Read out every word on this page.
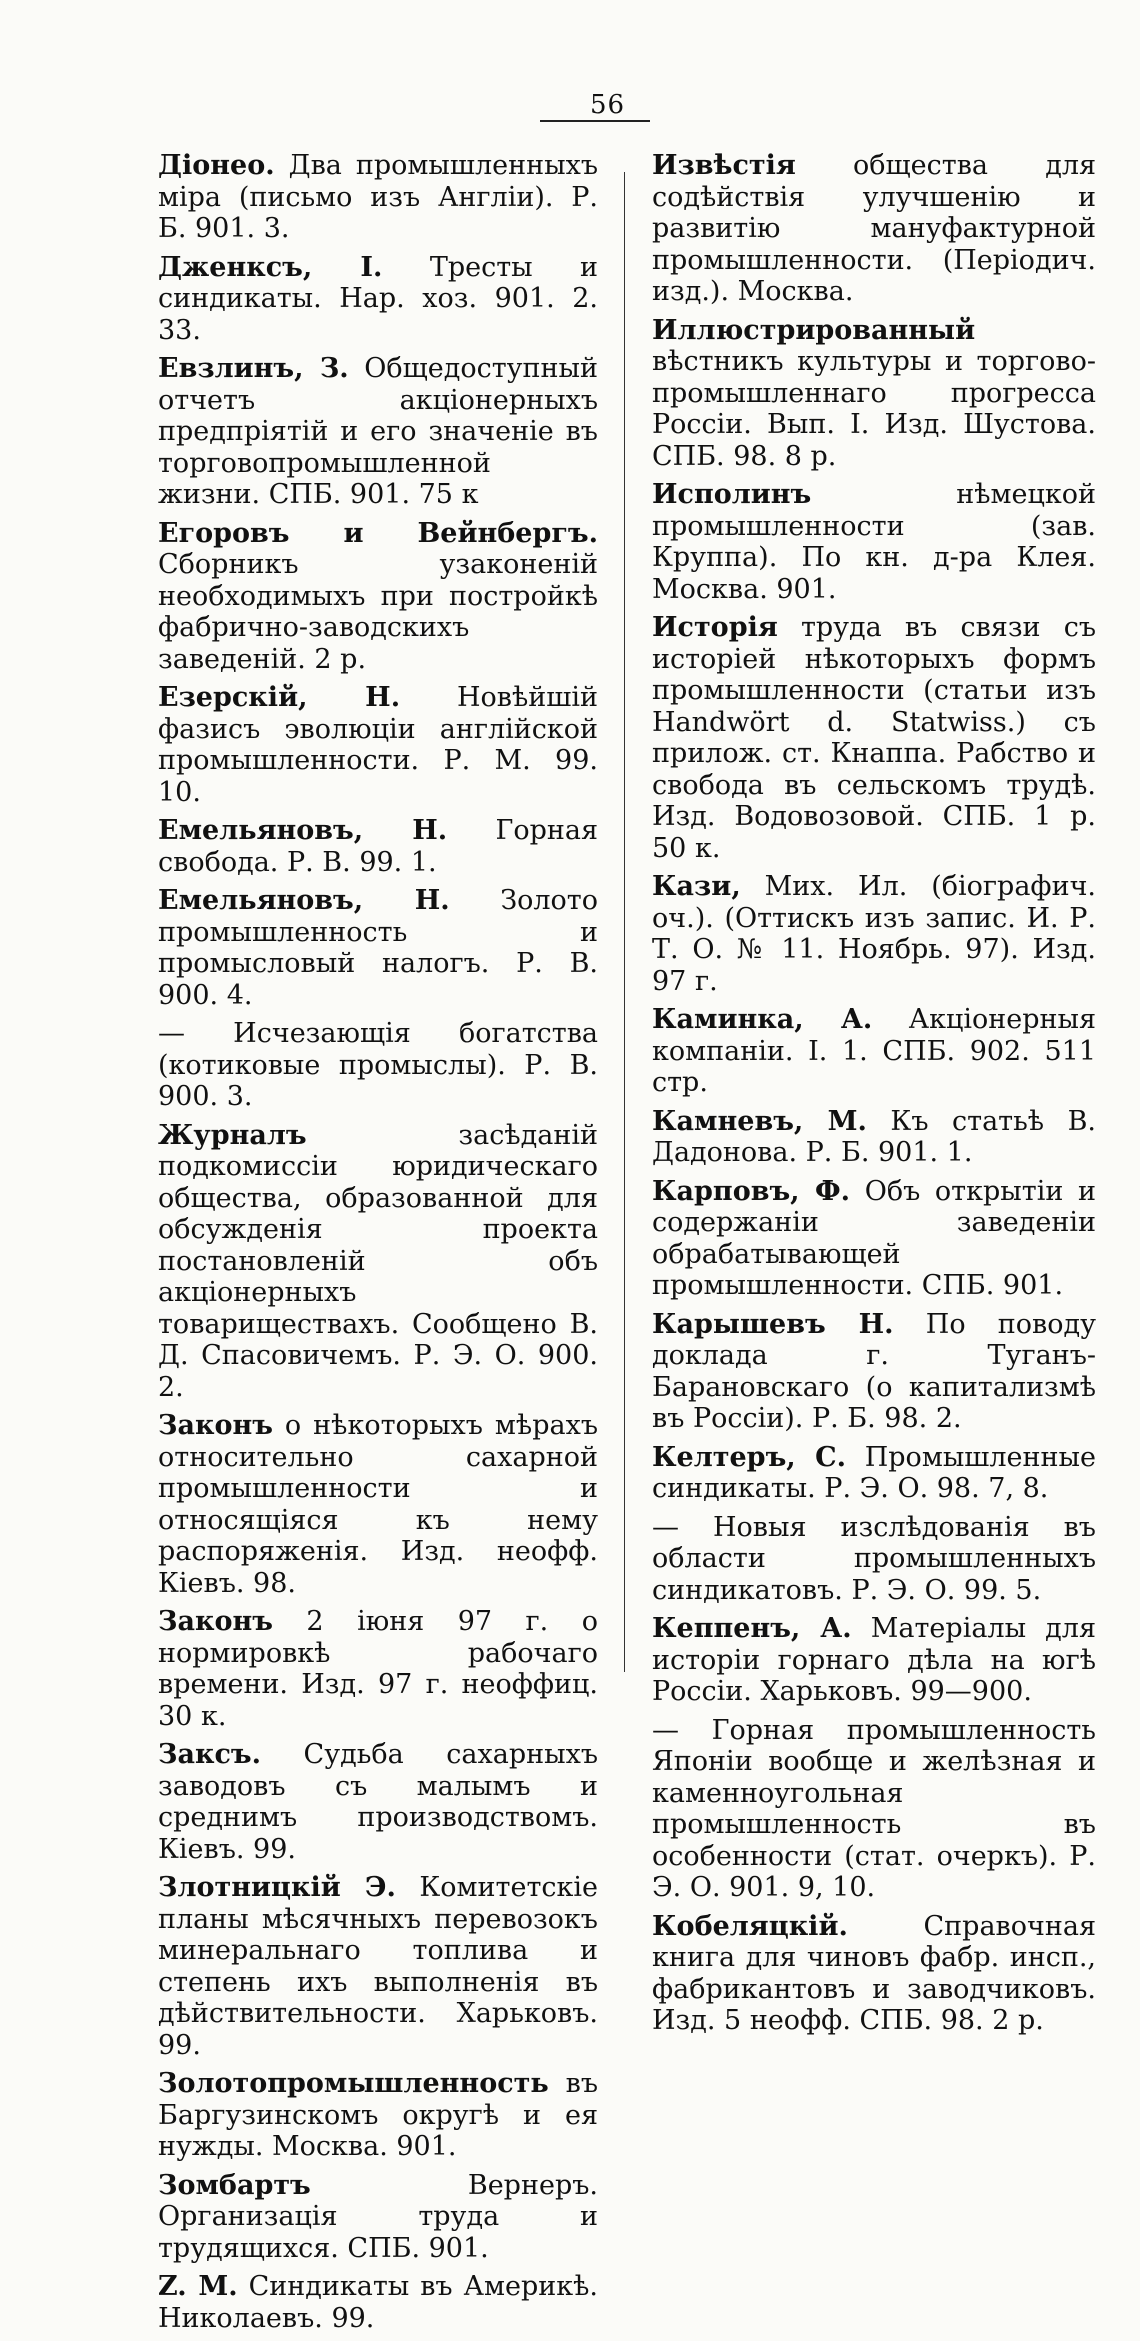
56

Діонео. Два промышленныхъ міра (письмо изъ Англіи). Р. Б. 901. 3.

Дженксъ, І. Тресты и синдикаты. Нар. хоз. 901. 2. 33.

Евзлинъ, З. Общедоступный отчетъ акціонерныхъ предпріятій и его значеніе въ торговопромышленной жизни. СПБ. 901. 75 к

Егоровъ и Вейнбергъ. Сборникъ узаконеній необходимыхъ при постройкѣ фабрично-заводскихъ заведеній. 2 р.

Езерскій, Н. Новѣйшій фазисъ эволюціи англійской промышленности. Р. М. 99. 10.

Емельяновъ, Н. Горная свобода. Р. В. 99. 1.

Емельяновъ, Н. Золото промышленность и промысловый налогъ. Р. В. 900. 4.

— Исчезающія богатства (котиковые промыслы). Р. В. 900. 3.

Журналъ засѣданій подкомиссіи юридическаго общества, образованной для обсужденія проекта постановленій объ акціонерныхъ товариществахъ. Сообщено В. Д. Спасовичемъ. Р. Э. О. 900. 2.

Законъ о нѣкоторыхъ мѣрахъ относительно сахарной промышленности и относящіяся къ нему распоряженія. Изд. неофф. Кіевъ. 98.

Законъ 2 іюня 97 г. о нормировкѣ рабочаго времени. Изд. 97 г. неоффиц. 30 к.

Заксъ. Судьба сахарныхъ заводовъ съ малымъ и среднимъ производствомъ. Кіевъ. 99.

Злотницкій Э. Комитетскіе планы мѣсячныхъ перевозокъ минеральнаго топлива и степень ихъ выполненія въ дѣйствительности. Харьковъ. 99.

Золотопромышленность въ Баргузинскомъ округѣ и ея нужды. Москва. 901.

Зомбартъ Вернеръ. Организація труда и трудящихся. СПБ. 901.

Z. M. Синдикаты въ Америкѣ. Николаевъ. 99.

Извѣстія общества для содѣйствія улучшенію и развитію мануфактурной промышленности. (Періодич. изд.). Москва.

Иллюстрированный вѣстникъ культуры и торгово-промышленнаго прогресса Россіи. Вып. I. Изд. Шустова. СПБ. 98. 8 р.

Исполинъ нѣмецкой промышленности (зав. Круппа). По кн. д-ра Клея. Москва. 901.

Исторія труда въ связи съ исторіей нѣкоторыхъ формъ промышленности (статьи изъ Handwört d. Statwiss.) съ прилож. ст. Кнаппа. Рабство и свобода въ сельскомъ трудѣ. Изд. Водовозовой. СПБ. 1 р. 50 к.

Кази, Мих. Ил. (біографич. оч.). (Оттискъ изъ запис. И. Р. Т. О. № 11. Ноябрь. 97). Изд. 97 г.

Каминка, А. Акціонерныя компаніи. I. 1. СПБ. 902. 511 стр.

Камневъ, М. Къ статьѣ В. Дадонова. Р. Б. 901. 1.

Карповъ, Ф. Объ открытіи и содержаніи заведеніи обрабатывающей промышленности. СПБ. 901.

Карышевъ Н. По поводу доклада г. Туганъ-Барановскаго (о капитализмѣ въ Россіи). Р. Б. 98. 2.

Келтеръ, С. Промышленные синдикаты. Р. Э. О. 98. 7, 8.

— Новыя изслѣдованія въ области промышленныхъ синдикатовъ. Р. Э. О. 99. 5.

Кеппенъ, А. Матеріалы для исторіи горнаго дѣла на югѣ Россіи. Харьковъ. 99—900.

— Горная промышленность Японіи вообще и желѣзная и каменноугольная промышленность въ особенности (стат. очеркъ). Р. Э. О. 901. 9, 10.

Кобеляцкій. Справочная книга для чиновъ фабр. инсп., фабрикантовъ и заводчиковъ. Изд. 5 неофф. СПБ. 98. 2 р.
